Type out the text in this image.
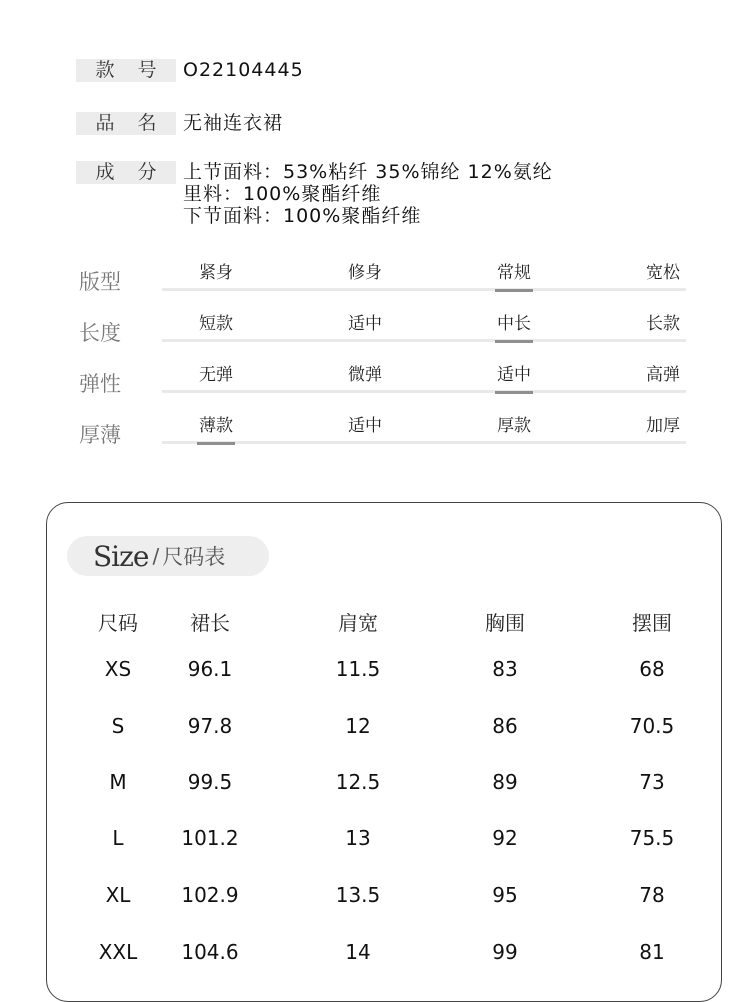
款 号 O22104445
品 名 无袖连衣裙
成 分 上节面料：53%粘纤 35%锦纶 12%氨纶
里料：100%聚酯纤维
下节面料：100%聚酯纤维
版型	紧身	修身	常规	宽松
长度	短款	适中	中长	长款
弹性	无弹	微弹	适中	高弹
厚薄	薄款	适中	厚款	加厚
Size / 尺码表
尺码	裙长	肩宽	胸围	摆围
XS	96.1	11.5	83	68
S	97.8	12	86	70.5
M	99.5	12.5	89	73
L	101.2	13	92	75.5
XL	102.9	13.5	95	78
XXL	104.6	14	99	81
